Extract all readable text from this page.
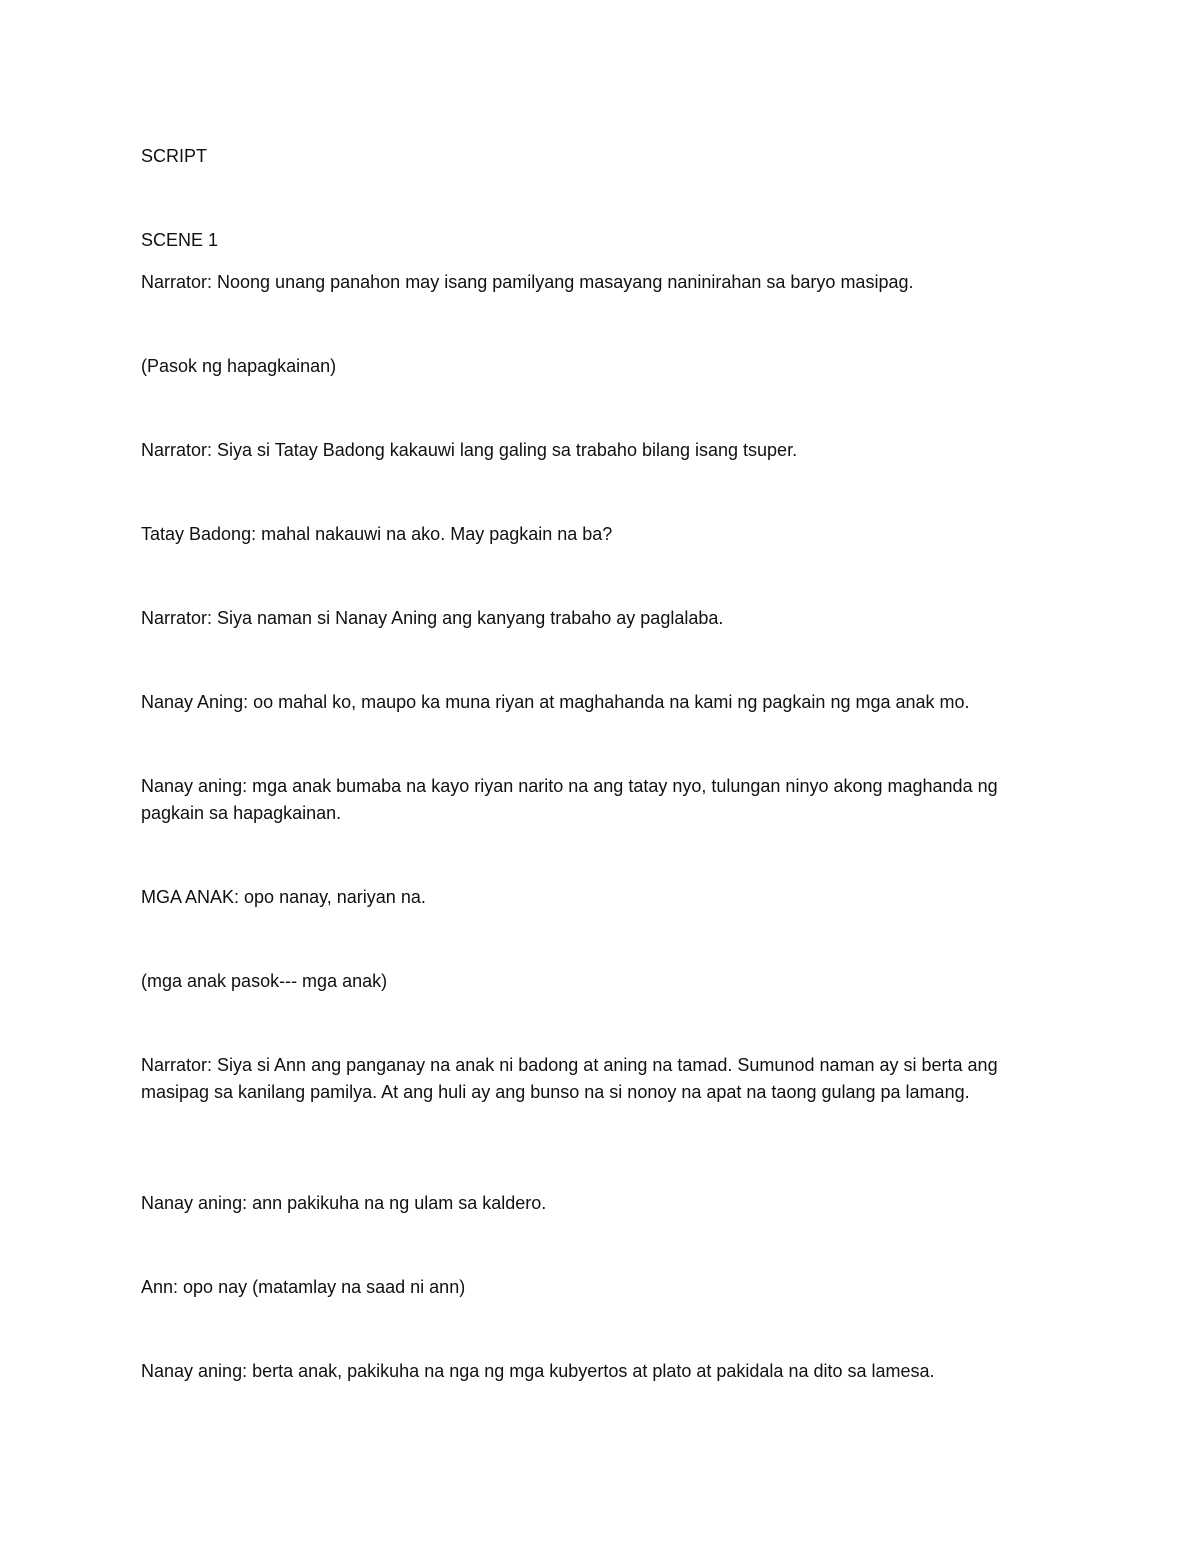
SCRIPT

SCENE 1

Narrator: Noong unang panahon may isang pamilyang masayang naninirahan sa baryo masipag.

(Pasok ng hapagkainan)

Narrator: Siya si Tatay Badong kakauwi lang galing sa trabaho bilang isang tsuper.

Tatay Badong: mahal nakauwi na ako. May pagkain na ba?

Narrator: Siya naman si Nanay Aning ang kanyang trabaho ay paglalaba.

Nanay Aning: oo mahal ko, maupo ka muna riyan at maghahanda na kami ng pagkain ng mga anak mo.

Nanay aning: mga anak bumaba na kayo riyan narito na ang tatay nyo, tulungan ninyo akong maghanda ng pagkain sa hapagkainan.

MGA ANAK: opo nanay, nariyan na.

(mga anak pasok--- mga anak)

Narrator: Siya si Ann ang panganay na anak ni badong at aning na tamad. Sumunod naman ay si berta ang masipag sa kanilang pamilya. At ang huli ay ang bunso na si nonoy na apat na taong gulang pa lamang.

Nanay aning: ann pakikuha na ng ulam sa kaldero.

Ann: opo nay (matamlay na saad ni ann)

Nanay aning: berta anak, pakikuha na nga ng mga kubyertos at plato at pakidala na dito sa lamesa.
